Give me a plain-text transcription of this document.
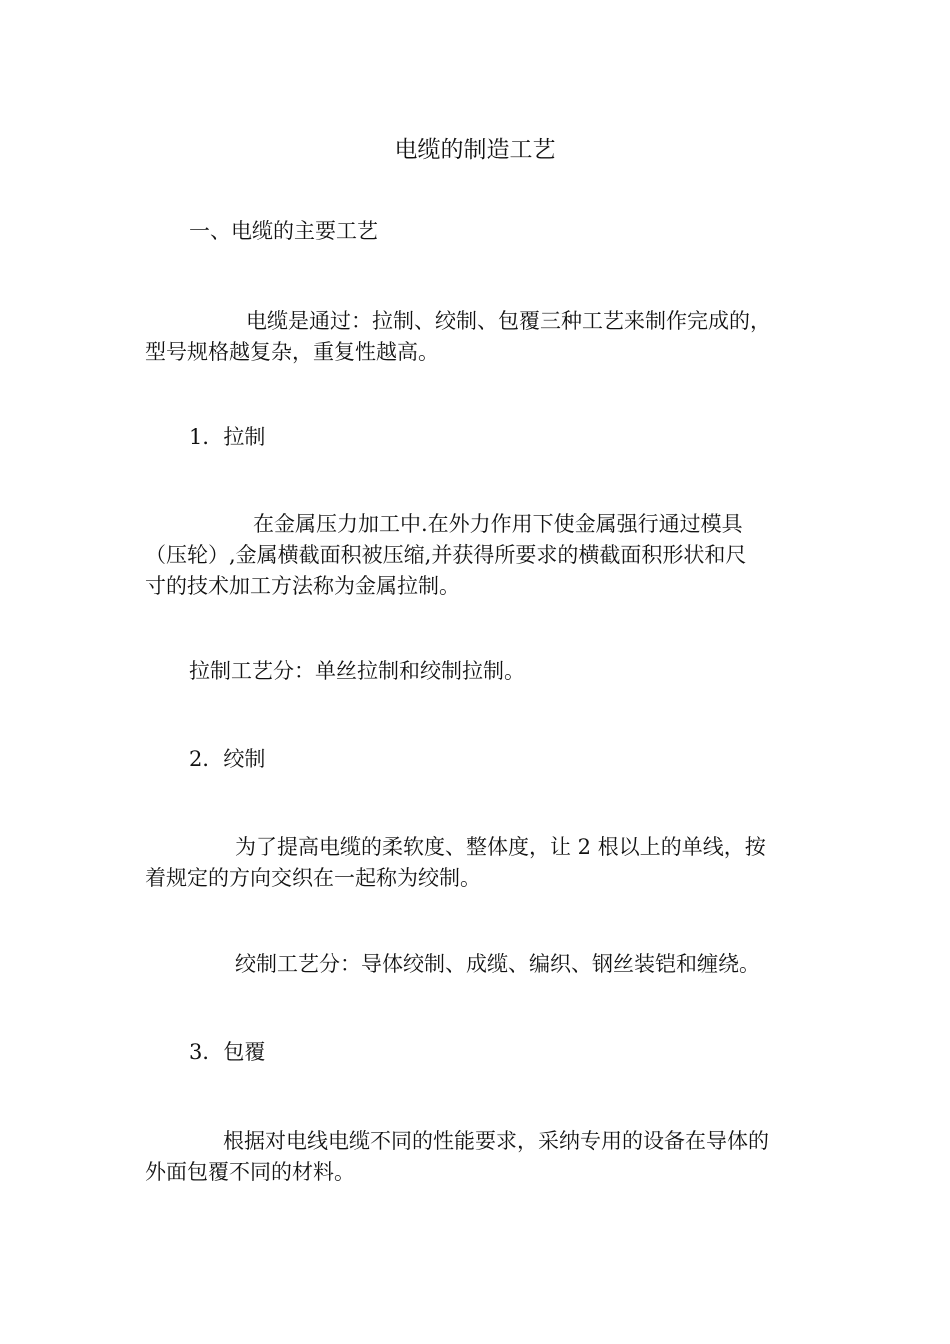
电缆的制造工艺
一、电缆的主要工艺
电缆是通过：拉制、绞制、包覆三种工艺来制作完成的，
型号规格越复杂，重复性越高。
1．拉制
在金属压力加工中.在外力作用下使金属强行通过模具
（压轮）,金属横截面积被压缩,并获得所要求的横截面积形状和尺
寸的技术加工方法称为金属拉制。
拉制工艺分：单丝拉制和绞制拉制。
2．绞制
为了提高电缆的柔软度、整体度，让 2 根以上的单线，按
着规定的方向交织在一起称为绞制。
绞制工艺分：导体绞制、成缆、编织、钢丝装铠和缠绕。
3．包覆
根据对电线电缆不同的性能要求，采纳专用的设备在导体的
外面包覆不同的材料。
